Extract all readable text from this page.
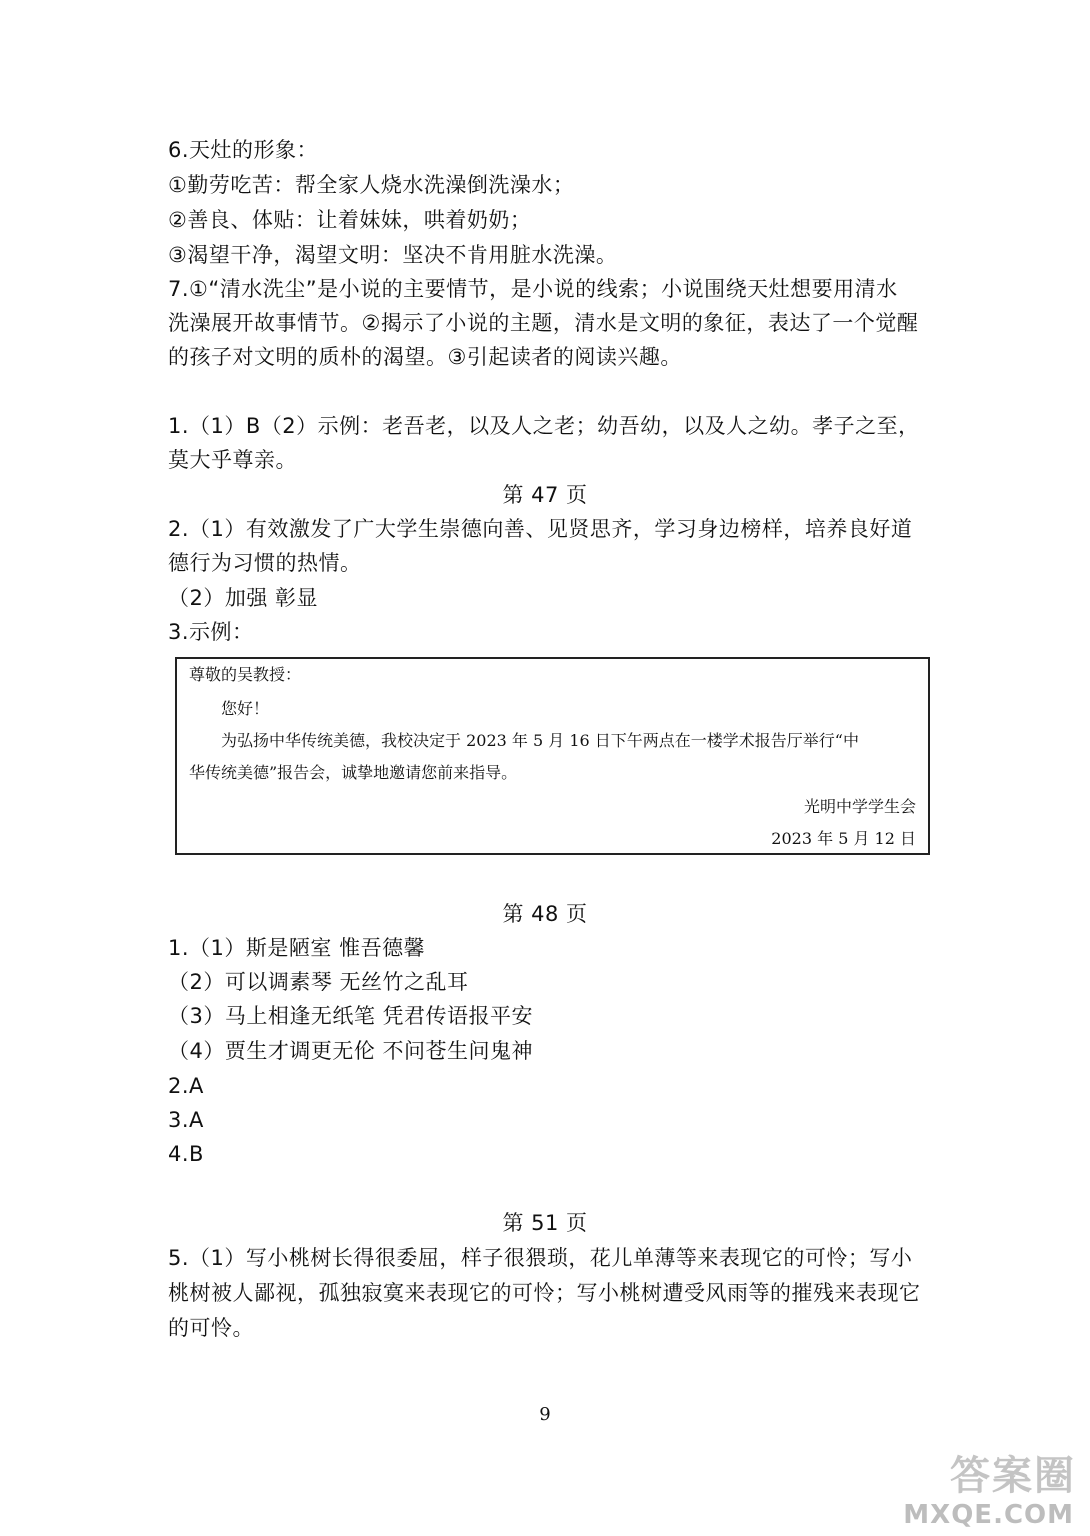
6.天灶的形象：
①勤劳吃苦：帮全家人烧水洗澡倒洗澡水；
②善良、体贴：让着妹妹，哄着奶奶；
③渴望干净，渴望文明：坚决不肯用脏水洗澡。
7.①“清水洗尘”是小说的主要情节，是小说的线索；小说围绕天灶想要用清水
洗澡展开故事情节。②揭示了小说的主题，清水是文明的象征，表达了一个觉醒
的孩子对文明的质朴的渴望。③引起读者的阅读兴趣。
1.（1）B（2）示例：老吾老，以及人之老；幼吾幼，以及人之幼。孝子之至，
莫大乎尊亲。
第 47 页
2.（1）有效激发了广大学生崇德向善、见贤思齐，学习身边榜样，培养良好道
德行为习惯的热情。
（2）加强 彰显
3.示例：
尊敬的吴教授：
您好！
为弘扬中华传统美德，我校决定于 2023 年 5 月 16 日下午两点在一楼学术报告厅举行“中
华传统美德”报告会，诚挚地邀请您前来指导。
光明中学学生会
2023 年 5 月 12 日
第 48 页
1.（1）斯是陋室 惟吾德馨
（2）可以调素琴 无丝竹之乱耳
（3）马上相逢无纸笔 凭君传语报平安
（4）贾生才调更无伦 不问苍生问鬼神
2.A
3.A
4.B
第 51 页
5.（1）写小桃树长得很委屈，样子很猥琐，花儿单薄等来表现它的可怜；写小
桃树被人鄙视，孤独寂寞来表现它的可怜；写小桃树遭受风雨等的摧残来表现它
的可怜。
9
答案圈
MXQE.COM
